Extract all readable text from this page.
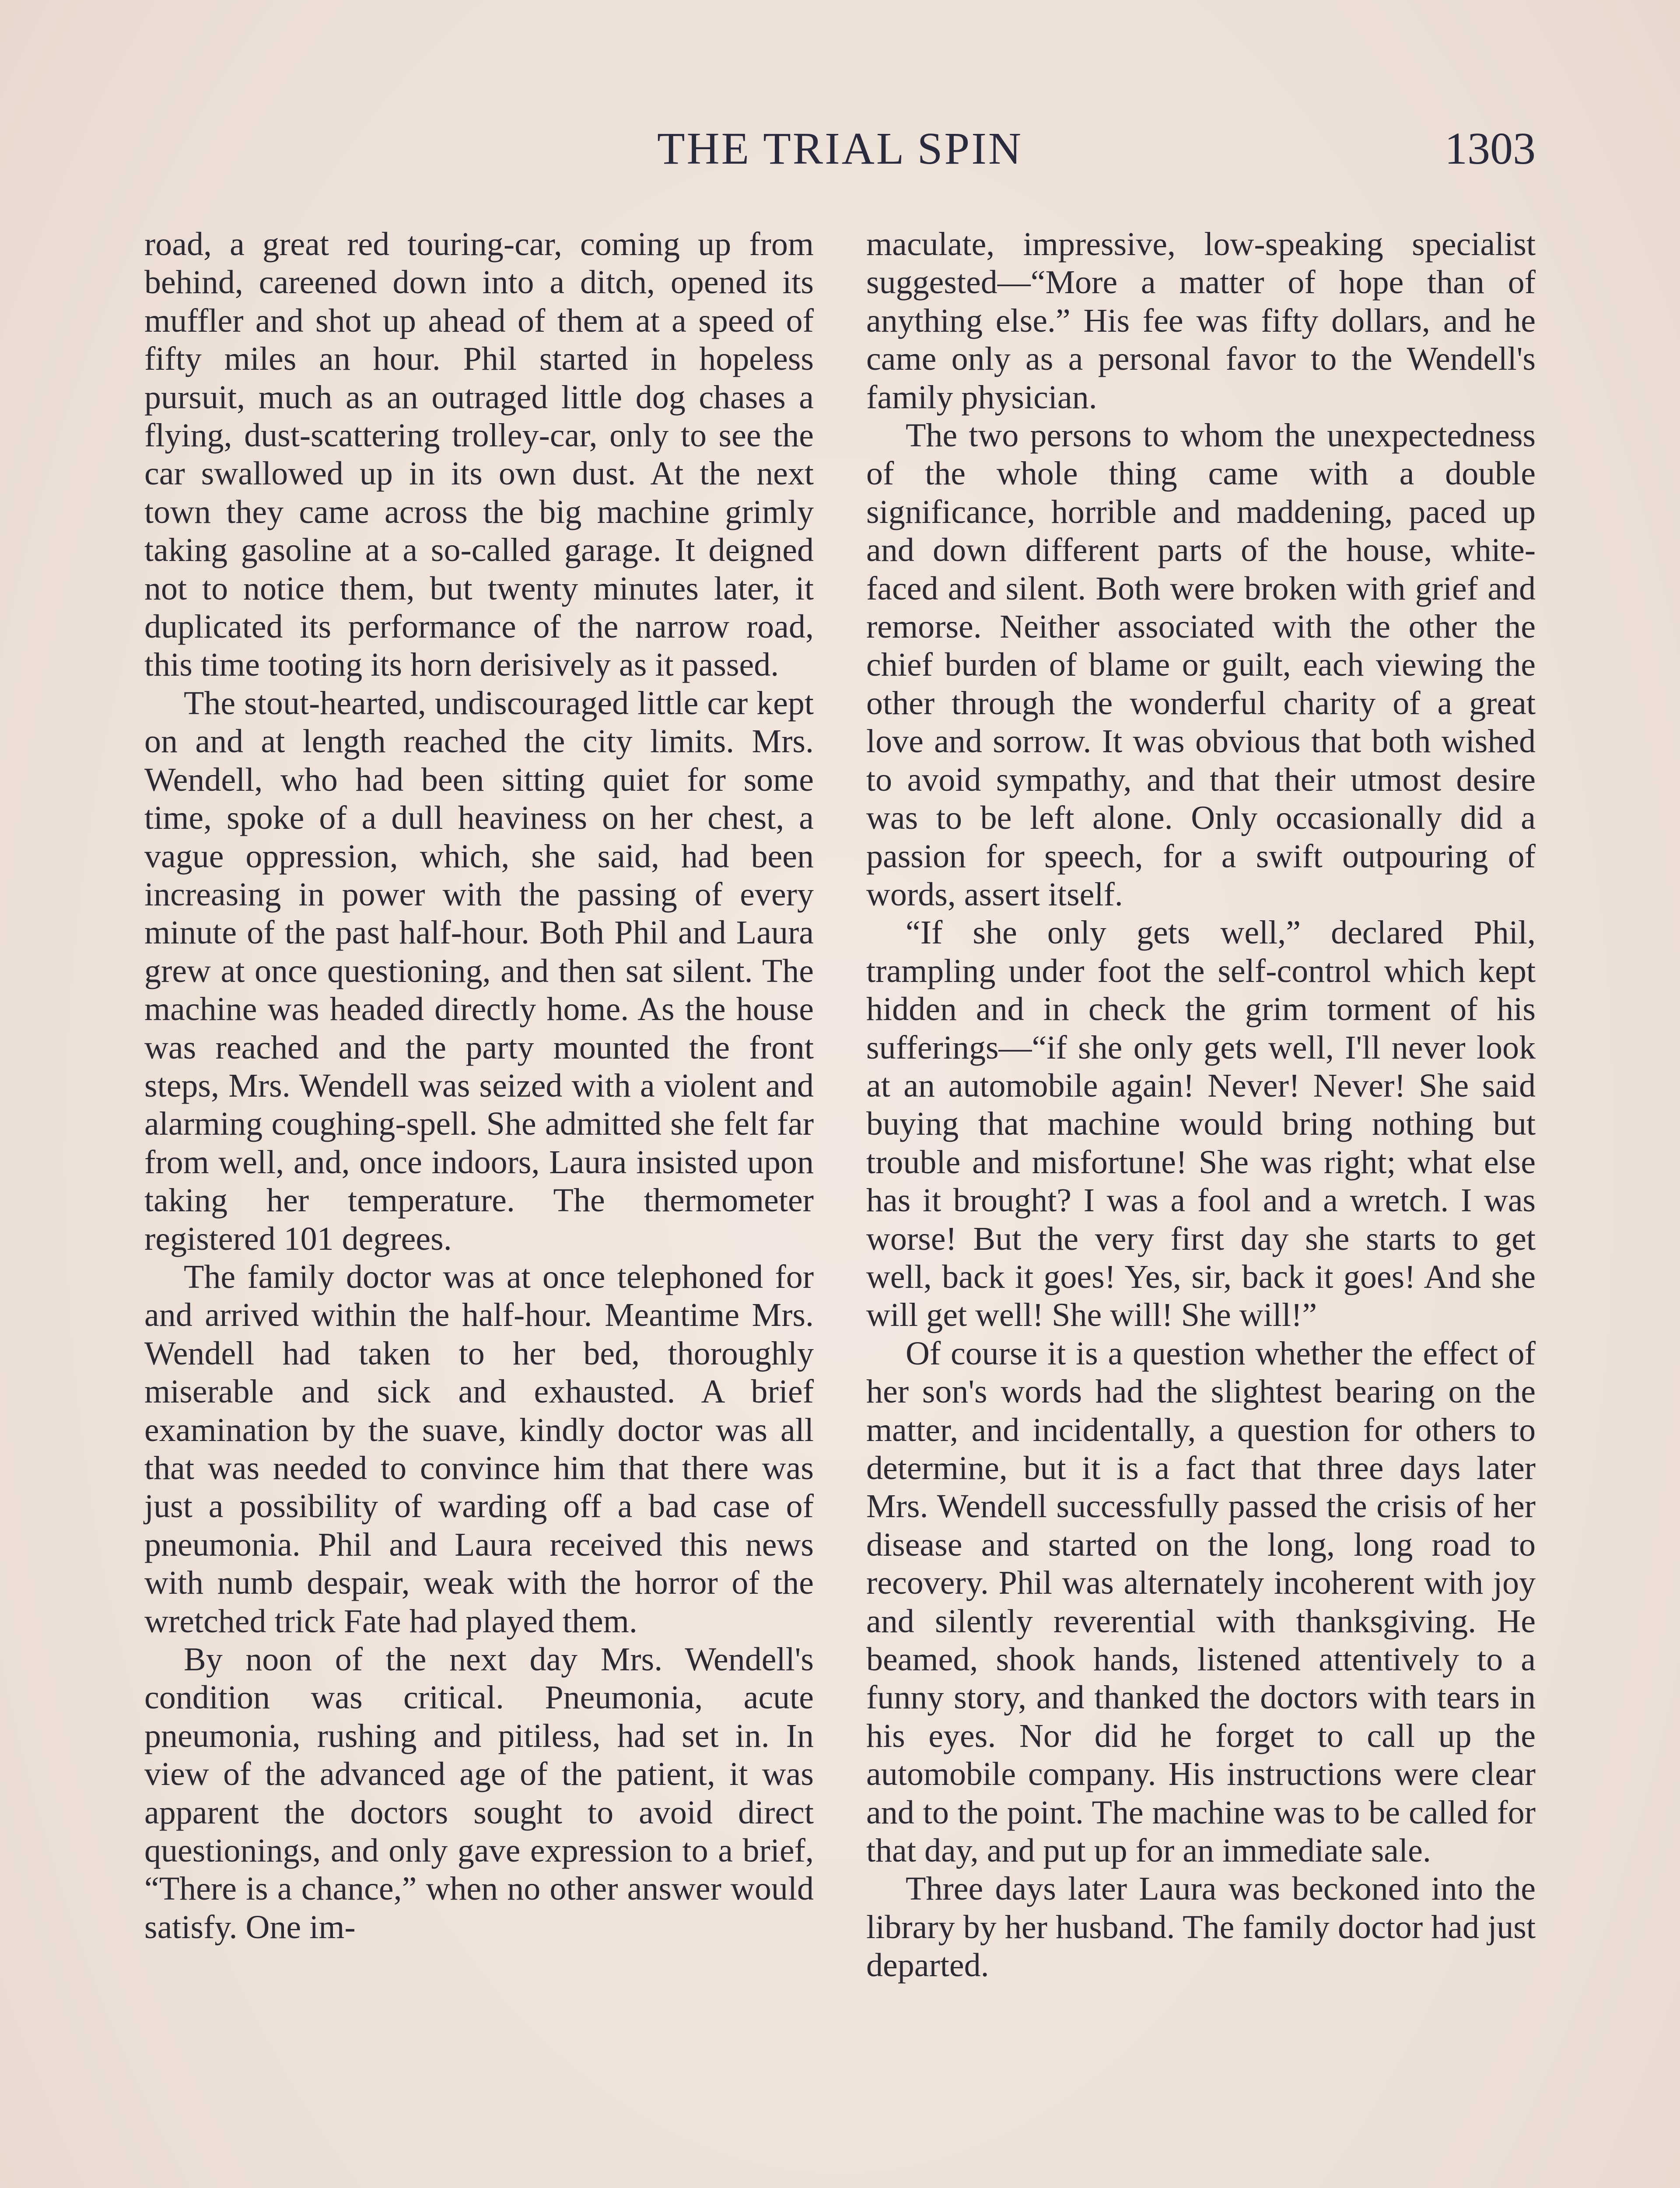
THE TRIAL SPIN	1303

road, a great red touring-car, coming up from behind, careened down into a ditch, opened its muffler and shot up ahead of them at a speed of fifty miles an hour. Phil started in hopeless pursuit, much as an outraged little dog chases a flying, dust-scattering trolley-car, only to see the car swallowed up in its own dust. At the next town they came across the big machine grimly taking gasoline at a so-called garage. It deigned not to notice them, but twenty minutes later, it duplicated its performance of the narrow road, this time tooting its horn derisively as it passed.

The stout-hearted, undiscouraged little car kept on and at length reached the city limits. Mrs. Wendell, who had been sitting quiet for some time, spoke of a dull heaviness on her chest, a vague oppression, which, she said, had been increasing in power with the passing of every minute of the past half-hour. Both Phil and Laura grew at once questioning, and then sat silent. The machine was headed directly home. As the house was reached and the party mounted the front steps, Mrs. Wendell was seized with a violent and alarming coughing-spell. She admitted she felt far from well, and, once indoors, Laura insisted upon taking her temperature. The thermometer registered 101 degrees.

The family doctor was at once telephoned for and arrived within the half-hour. Meantime Mrs. Wendell had taken to her bed, thoroughly miserable and sick and exhausted. A brief examination by the suave, kindly doctor was all that was needed to convince him that there was just a possibility of warding off a bad case of pneumonia. Phil and Laura received this news with numb despair, weak with the horror of the wretched trick Fate had played them.

By noon of the next day Mrs. Wendell's condition was critical. Pneumonia, acute pneumonia, rushing and pitiless, had set in. In view of the advanced age of the patient, it was apparent the doctors sought to avoid direct questionings, and only gave expression to a brief, “There is a chance,” when no other answer would satisfy. One im-

maculate, impressive, low-speaking specialist suggested—“More a matter of hope than of anything else.” His fee was fifty dollars, and he came only as a personal favor to the Wendell's family physician.

The two persons to whom the unexpectedness of the whole thing came with a double significance, horrible and maddening, paced up and down different parts of the house, white-faced and silent. Both were broken with grief and remorse. Neither associated with the other the chief burden of blame or guilt, each viewing the other through the wonderful charity of a great love and sorrow. It was obvious that both wished to avoid sympathy, and that their utmost desire was to be left alone. Only occasionally did a passion for speech, for a swift outpouring of words, assert itself.

“If she only gets well,” declared Phil, trampling under foot the self-control which kept hidden and in check the grim torment of his sufferings—“if she only gets well, I'll never look at an automobile again! Never! Never! She said buying that machine would bring nothing but trouble and misfortune! She was right; what else has it brought? I was a fool and a wretch. I was worse! But the very first day she starts to get well, back it goes! Yes, sir, back it goes! And she will get well! She will! She will!”

Of course it is a question whether the effect of her son's words had the slightest bearing on the matter, and incidentally, a question for others to determine, but it is a fact that three days later Mrs. Wendell successfully passed the crisis of her disease and started on the long, long road to recovery. Phil was alternately incoherent with joy and silently reverential with thanksgiving. He beamed, shook hands, listened attentively to a funny story, and thanked the doctors with tears in his eyes. Nor did he forget to call up the automobile company. His instructions were clear and to the point. The machine was to be called for that day, and put up for an immediate sale.

Three days later Laura was beckoned into the library by her husband. The family doctor had just departed.
